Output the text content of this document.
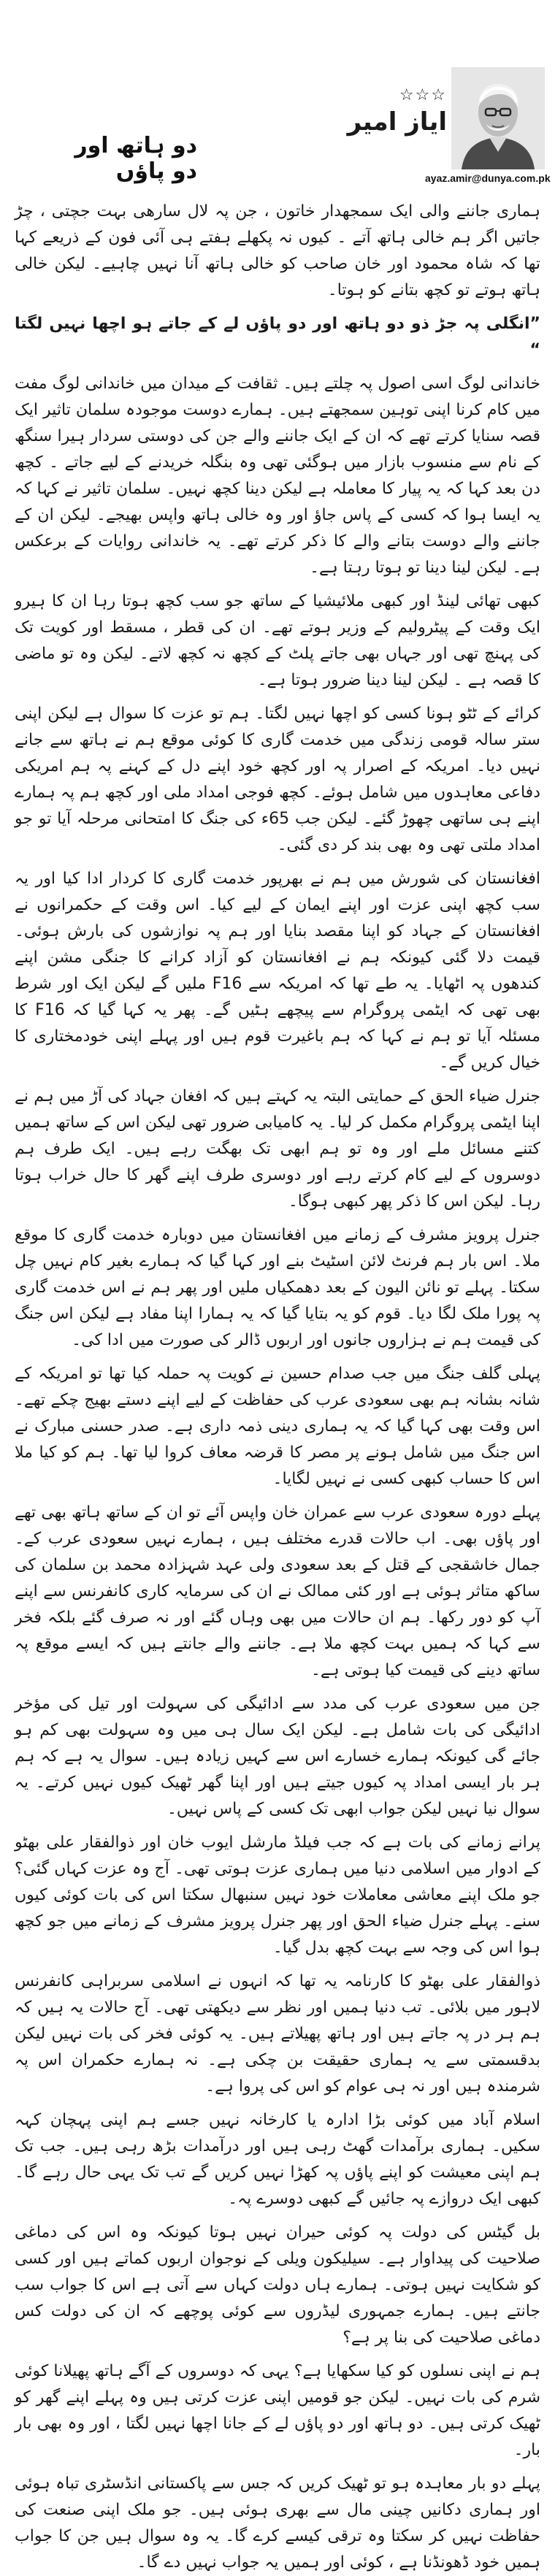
دو ہاتھ اور دو پاؤں
☆☆☆
ایاز امیر
ayaz.amir@dunya.com.pk

ہماری جاننے والی ایک سمجھدار خاتون ، جن پہ لال سارھی بہت جچتی ، چڑ جاتیں اگر ہم خالی ہاتھ آتے ۔ کیوں نہ پکھلے ہفتے ہی آئی فون کے ذریعے کہا تھا کہ شاہ محمود اور خان صاحب کو خالی ہاتھ آنا نہیں چاہیے۔ لیکن خالی ہاتھ ہوتے تو کچھ بتانے کو ہوتا۔

”انگلی پہ جڑ ذو دو ہاتھ اور دو پاؤں لے کے جاتے ہو اچھا نہیں لگتا “

خاندانی لوگ اسی اصول پہ چلتے ہیں۔ ثقافت کے میدان میں خاندانی لوگ مفت میں کام کرنا اپنی توہین سمجھتے ہیں۔ ہمارے دوست موجودہ سلمان تاثیر ایک قصہ سنایا کرتے تھے کہ ان کے ایک جاننے والے جن کی دوستی سردار ہیرا سنگھ کے نام سے منسوب بازار میں ہوگئی تھی وہ بنگلہ خریدنے کے لیے جاتے ۔ کچھ دن بعد کہا کہ یہ پیار کا معاملہ ہے لیکن دینا کچھ نہیں۔ سلمان تاثیر نے کہا کہ یہ ایسا ہوا کہ کسی کے پاس جاؤ اور وہ خالی ہاتھ واپس بھیجے۔ لیکن ان کے جاننے والے دوست بتانے والے کا ذکر کرتے تھے۔ یہ خاندانی روایات کے برعکس ہے۔ لیکن لینا دینا تو ہوتا رہتا ہے۔

کبھی تھائی لینڈ اور کبھی ملائیشیا کے ساتھ جو سب کچھ ہوتا رہا ان کا ہیرو ایک وقت کے پیٹرولیم کے وزیر ہوتے تھے۔ ان کی قطر ، مسقط اور کویت تک کی پہنچ تھی اور جہاں بھی جاتے پلٹ کے کچھ نہ کچھ لاتے۔ لیکن وہ تو ماضی کا قصہ ہے ۔ لیکن لینا دینا ضرور ہوتا ہے۔

کرائے کے ٹٹو ہونا کسی کو اچھا نہیں لگتا۔ ہم تو عزت کا سوال ہے لیکن اپنی ستر سالہ قومی زندگی میں خدمت گاری کا کوئی موقع ہم نے ہاتھ سے جانے نہیں دیا۔ امریکہ کے اصرار پہ اور کچھ خود اپنے دل کے کہنے پہ ہم امریکی دفاعی معاہدوں میں شامل ہوئے۔ کچھ فوجی امداد ملی اور کچھ ہم پہ ہمارے اپنے ہی ساتھی چھوڑ گئے۔ لیکن جب 65ء کی جنگ کا امتحانی مرحلہ آیا تو جو امداد ملتی تھی وہ بھی بند کر دی گئی۔

افغانستان کی شورش میں ہم نے بھرپور خدمت گاری کا کردار ادا کیا اور یہ سب کچھ اپنی عزت اور اپنے ایمان کے لیے کیا۔ اس وقت کے حکمرانوں نے افغانستان کے جہاد کو اپنا مقصد بنایا اور ہم پہ نوازشوں کی بارش ہوئی۔ قیمت دلا گئی کیونکہ ہم نے افغانستان کو آزاد کرانے کا جنگی مشن اپنے کندھوں پہ اٹھایا۔ یہ طے تھا کہ امریکہ سے F16 ملیں گے لیکن ایک اور شرط بھی تھی کہ ایٹمی پروگرام سے پیچھے ہٹیں گے۔ پھر یہ کہا گیا کہ F16 کا مسئلہ آیا تو ہم نے کہا کہ ہم باغیرت قوم ہیں اور پہلے اپنی خودمختاری کا خیال کریں گے۔

جنرل ضیاء الحق کے حمایتی البتہ یہ کہتے ہیں کہ افغان جہاد کی آڑ میں ہم نے اپنا ایٹمی پروگرام مکمل کر لیا۔ یہ کامیابی ضرور تھی لیکن اس کے ساتھ ہمیں کتنے مسائل ملے اور وہ تو ہم ابھی تک بھگت رہے ہیں۔ ایک طرف ہم دوسروں کے لیے کام کرتے رہے اور دوسری طرف اپنے گھر کا حال خراب ہوتا رہا۔ لیکن اس کا ذکر پھر کبھی ہوگا۔

جنرل پرویز مشرف کے زمانے میں افغانستان میں دوبارہ خدمت گاری کا موقع ملا۔ اس بار ہم فرنٹ لائن اسٹیٹ بنے اور کہا گیا کہ ہمارے بغیر کام نہیں چل سکتا۔ پہلے تو نائن الیون کے بعد دھمکیاں ملیں اور پھر ہم نے اس خدمت گاری پہ پورا ملک لگا دیا۔ قوم کو یہ بتایا گیا کہ یہ ہمارا اپنا مفاد ہے لیکن اس جنگ کی قیمت ہم نے ہزاروں جانوں اور اربوں ڈالر کی صورت میں ادا کی۔

پہلی گلف جنگ میں جب صدام حسین نے کویت پہ حملہ کیا تھا تو امریکہ کے شانہ بشانہ ہم بھی سعودی عرب کی حفاظت کے لیے اپنے دستے بھیج چکے تھے۔ اس وقت بھی کہا گیا کہ یہ ہماری دینی ذمہ داری ہے۔ صدر حسنی مبارک نے اس جنگ میں شامل ہونے پر مصر کا قرضہ معاف کروا لیا تھا۔ ہم کو کیا ملا اس کا حساب کبھی کسی نے نہیں لگایا۔

پہلے دورہ سعودی عرب سے عمران خان واپس آئے تو ان کے ساتھ ہاتھ بھی تھے اور پاؤں بھی۔ اب حالات قدرے مختلف ہیں ، ہمارے نہیں سعودی عرب کے۔ جمال خاشقجی کے قتل کے بعد سعودی ولی عہد شہزادہ محمد بن سلمان کی ساکھ متاثر ہوئی ہے اور کئی ممالک نے ان کی سرمایہ کاری کانفرنس سے اپنے آپ کو دور رکھا۔ ہم ان حالات میں بھی وہاں گئے اور نہ صرف گئے بلکہ فخر سے کہا کہ ہمیں بہت کچھ ملا ہے۔ جاننے والے جانتے ہیں کہ ایسے موقع پہ ساتھ دینے کی قیمت کیا ہوتی ہے۔

جن میں سعودی عرب کی مدد سے ادائیگی کی سہولت اور تیل کی مؤخر ادائیگی کی بات شامل ہے۔ لیکن ایک سال ہی میں وہ سہولت بھی کم ہو جائے گی کیونکہ ہمارے خسارے اس سے کہیں زیادہ ہیں۔ سوال یہ ہے کہ ہم ہر بار ایسی امداد پہ کیوں جیتے ہیں اور اپنا گھر ٹھیک کیوں نہیں کرتے۔ یہ سوال نیا نہیں لیکن جواب ابھی تک کسی کے پاس نہیں۔

پرانے زمانے کی بات ہے کہ جب فیلڈ مارشل ایوب خان اور ذوالفقار علی بھٹو کے ادوار میں اسلامی دنیا میں ہماری عزت ہوتی تھی۔ آج وہ عزت کہاں گئی؟ جو ملک اپنے معاشی معاملات خود نہیں سنبھال سکتا اس کی بات کوئی کیوں سنے۔ پہلے جنرل ضیاء الحق اور پھر جنرل پرویز مشرف کے زمانے میں جو کچھ ہوا اس کی وجہ سے بہت کچھ بدل گیا۔

ذوالفقار علی بھٹو کا کارنامہ یہ تھا کہ انہوں نے اسلامی سربراہی کانفرنس لاہور میں بلائی۔ تب دنیا ہمیں اور نظر سے دیکھتی تھی۔ آج حالات یہ ہیں کہ ہم ہر در پہ جاتے ہیں اور ہاتھ پھیلاتے ہیں۔ یہ کوئی فخر کی بات نہیں لیکن بدقسمتی سے یہ ہماری حقیقت بن چکی ہے۔ نہ ہمارے حکمران اس پہ شرمندہ ہیں اور نہ ہی عوام کو اس کی پروا ہے۔

اسلام آباد میں کوئی بڑا ادارہ یا کارخانہ نہیں جسے ہم اپنی پہچان کہہ سکیں۔ ہماری برآمدات گھٹ رہی ہیں اور درآمدات بڑھ رہی ہیں۔ جب تک ہم اپنی معیشت کو اپنے پاؤں پہ کھڑا نہیں کریں گے تب تک یہی حال رہے گا۔ کبھی ایک دروازے پہ جائیں گے کبھی دوسرے پہ۔

بل گیٹس کی دولت پہ کوئی حیران نہیں ہوتا کیونکہ وہ اس کی دماغی صلاحیت کی پیداوار ہے۔ سیلیکون ویلی کے نوجوان اربوں کماتے ہیں اور کسی کو شکایت نہیں ہوتی۔ ہمارے ہاں دولت کہاں سے آتی ہے اس کا جواب سب جانتے ہیں۔ ہمارے جمہوری لیڈروں سے کوئی پوچھے کہ ان کی دولت کس دماغی صلاحیت کی بنا پر ہے؟

ہم نے اپنی نسلوں کو کیا سکھایا ہے؟ یہی کہ دوسروں کے آگے ہاتھ پھیلانا کوئی شرم کی بات نہیں۔ لیکن جو قومیں اپنی عزت کرتی ہیں وہ پہلے اپنے گھر کو ٹھیک کرتی ہیں۔ دو ہاتھ اور دو پاؤں لے کے جانا اچھا نہیں لگتا ، اور وہ بھی بار بار۔

پہلے دو بار معاہدہ ہو تو ٹھیک کریں کہ جس سے پاکستانی انڈسٹری تباہ ہوئی اور ہماری دکانیں چینی مال سے بھری ہوئی ہیں۔ جو ملک اپنی صنعت کی حفاظت نہیں کر سکتا وہ ترقی کیسے کرے گا۔ یہ وہ سوال ہیں جن کا جواب ہمیں خود ڈھونڈنا ہے ، کوئی اور ہمیں یہ جواب نہیں دے گا۔
